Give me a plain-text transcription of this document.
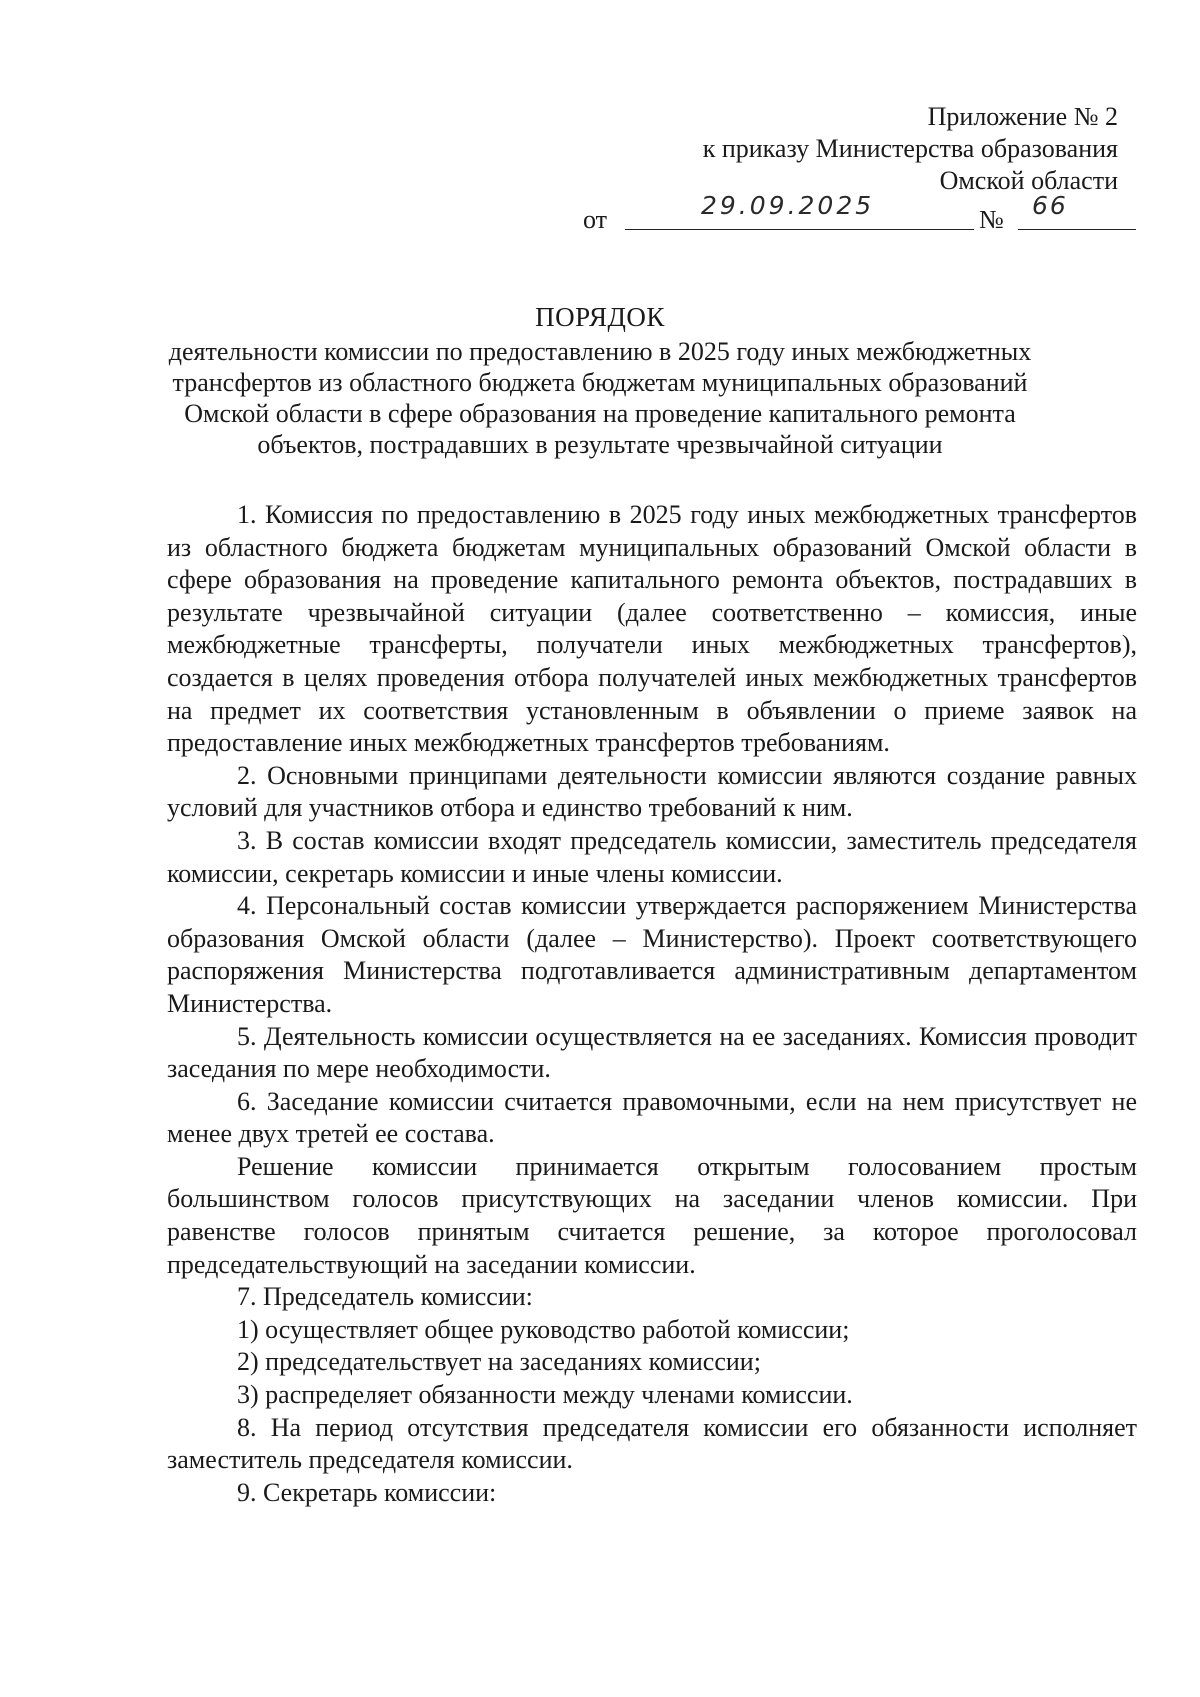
Приложение № 2
к приказу Министерства образования
Омской области
от	29.09.2025	№ 66
ПОРЯДОК
деятельности комиссии по предоставлению в 2025 году иных межбюджетных
трансфертов из областного бюджета бюджетам муниципальных образований
Омской области в сфере образования на проведение капитального ремонта
объектов, пострадавших в результате чрезвычайной ситуации

1. Комиссия по предоставлению в 2025 году иных межбюджетных трансфертов из областного бюджета бюджетам муниципальных образований Омской области в сфере образования на проведение капитального ремонта объектов, пострадавших в результате чрезвычайной ситуации (далее соответственно – комиссия, иные межбюджетные трансферты, получатели иных межбюджетных трансфертов), создается в целях проведения отбора получателей иных межбюджетных трансфертов на предмет их соответствия установленным в объявлении о приеме заявок на предоставление иных межбюджетных трансфертов требованиям.

2. Основными принципами деятельности комиссии являются создание равных условий для участников отбора и единство требований к ним.

3. В состав комиссии входят председатель комиссии, заместитель председателя комиссии, секретарь комиссии и иные члены комиссии.

4. Персональный состав комиссии утверждается распоряжением Министерства образования Омской области (далее – Министерство). Проект соответствующего распоряжения Министерства подготавливается административным департаментом Министерства.

5. Деятельность комиссии осуществляется на ее заседаниях. Комиссия проводит заседания по мере необходимости.

6. Заседание комиссии считается правомочными, если на нем присутствует не менее двух третей ее состава.

Решение комиссии принимается открытым голосованием простым большинством голосов присутствующих на заседании членов комиссии. При равенстве голосов принятым считается решение, за которое проголосовал председательствующий на заседании комиссии.

7. Председатель комиссии:

1) осуществляет общее руководство работой комиссии;

2) председательствует на заседаниях комиссии;

3) распределяет обязанности между членами комиссии.

8. На период отсутствия председателя комиссии его обязанности исполняет заместитель председателя комиссии.

9. Секретарь комиссии:
